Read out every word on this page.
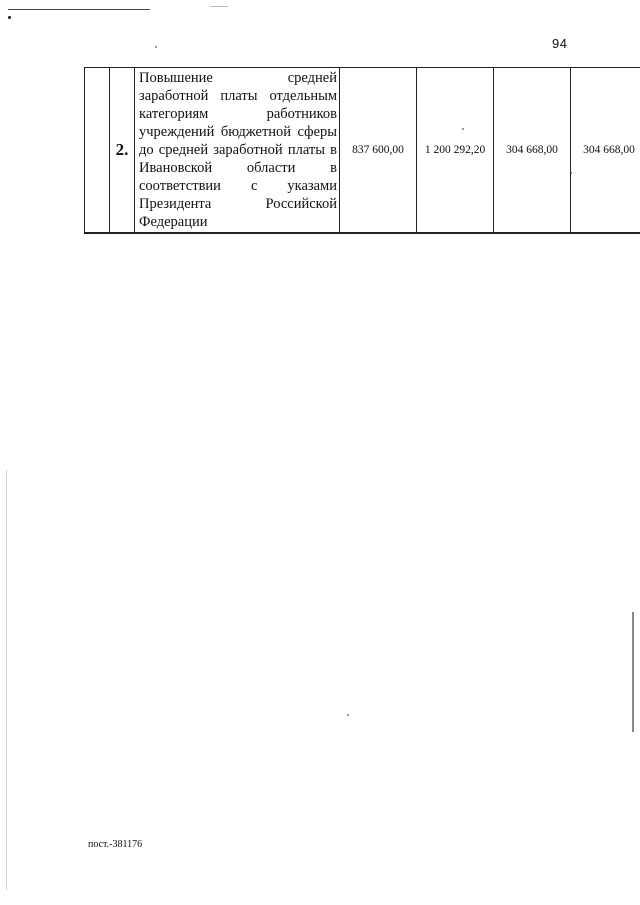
94
	2.	Повышение средней заработной платы отдельным категориям работников учреждений бюджетной сферы до средней заработной платы в Ивановской области в соответствии с указами Президента Российской Федерации	837 600,00	1 200 292,20	304 668,00	304 668,00
пост.-381176
